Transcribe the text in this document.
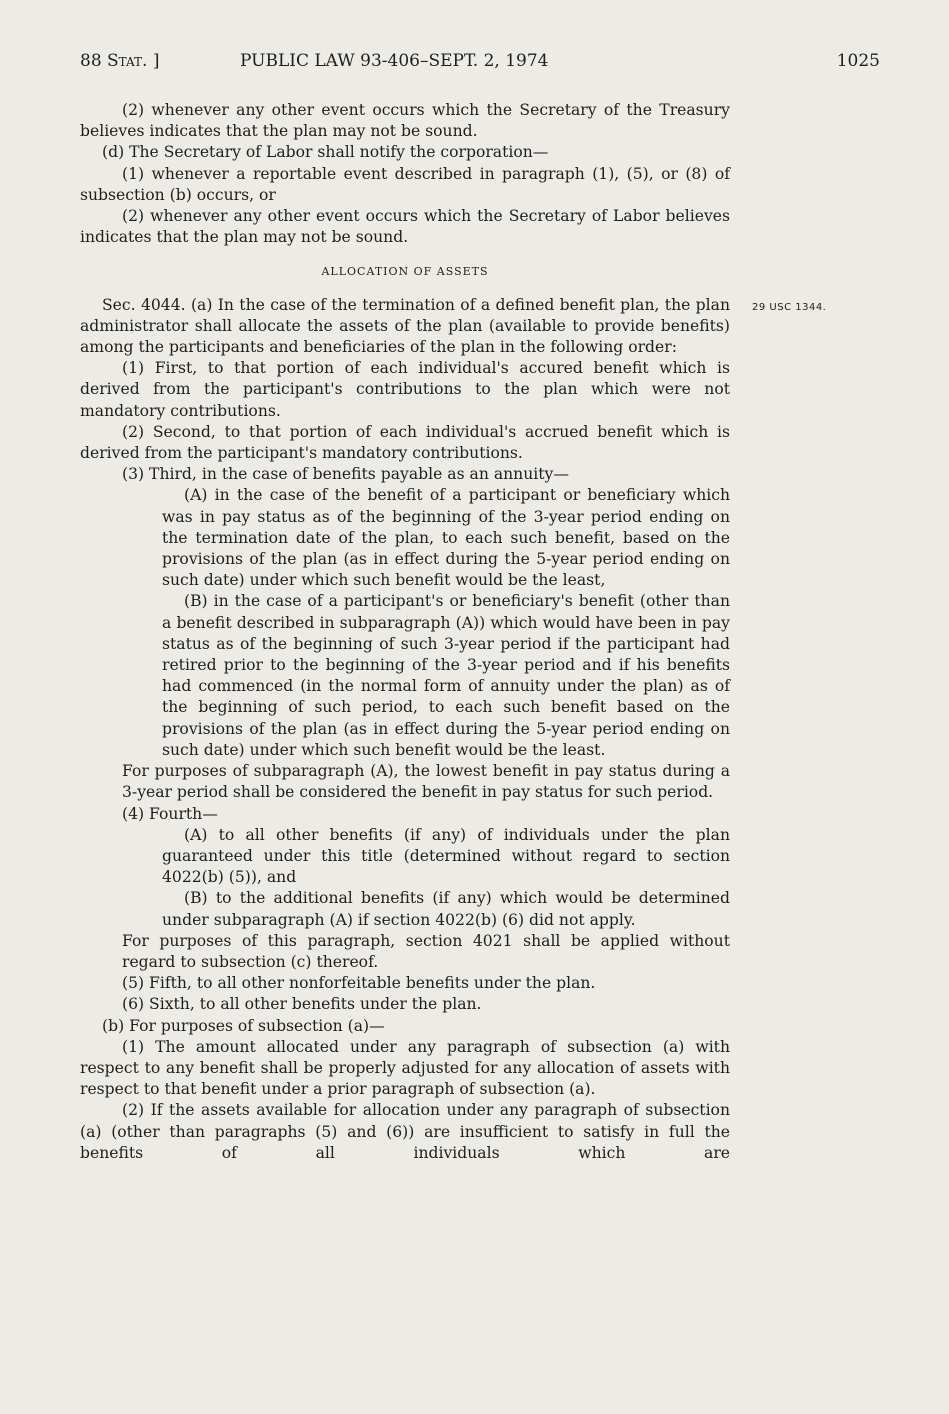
88 Stat. ]	PUBLIC LAW 93-406–SEPT. 2, 1974	1025
29 USC 1344.

(2) whenever any other event occurs which the Secretary of the Treasury believes indicates that the plan may not be sound.

(d) The Secretary of Labor shall notify the corporation—

(1) whenever a reportable event described in paragraph (1), (5), or (8) of subsection (b) occurs, or

(2) whenever any other event occurs which the Secretary of Labor believes indicates that the plan may not be sound.

ALLOCATION OF ASSETS

Sec. 4044. (a) In the case of the termination of a defined benefit plan, the plan administrator shall allocate the assets of the plan (available to provide benefits) among the participants and beneficiaries of the plan in the following order:

(1) First, to that portion of each individual's accured benefit which is derived from the participant's contributions to the plan which were not mandatory contributions.

(2) Second, to that portion of each individual's accrued benefit which is derived from the participant's mandatory contributions.

(3) Third, in the case of benefits payable as an annuity—

(A) in the case of the benefit of a participant or beneficiary which was in pay status as of the beginning of the 3-year period ending on the termination date of the plan, to each such benefit, based on the provisions of the plan (as in effect during the 5-year period ending on such date) under which such benefit would be the least,

(B) in the case of a participant's or beneficiary's benefit (other than a benefit described in subparagraph (A)) which would have been in pay status as of the beginning of such 3-year period if the participant had retired prior to the beginning of the 3-year period and if his benefits had commenced (in the normal form of annuity under the plan) as of the beginning of such period, to each such benefit based on the provisions of the plan (as in effect during the 5-year period ending on such date) under which such benefit would be the least.

For purposes of subparagraph (A), the lowest benefit in pay status during a 3-year period shall be considered the benefit in pay status for such period.

(4) Fourth—

(A) to all other benefits (if any) of individuals under the plan guaranteed under this title (determined without regard to section 4022(b) (5)), and

(B) to the additional benefits (if any) which would be determined under subparagraph (A) if section 4022(b) (6) did not apply.

For purposes of this paragraph, section 4021 shall be applied without regard to subsection (c) thereof.

(5) Fifth, to all other nonforfeitable benefits under the plan.

(6) Sixth, to all other benefits under the plan.

(b) For purposes of subsection (a)—

(1) The amount allocated under any paragraph of subsection (a) with respect to any benefit shall be properly adjusted for any allocation of assets with respect to that benefit under a prior paragraph of subsection (a).

(2) If the assets available for allocation under any paragraph of subsection (a) (other than paragraphs (5) and (6)) are insufficient to satisfy in full the benefits of all individuals which are
